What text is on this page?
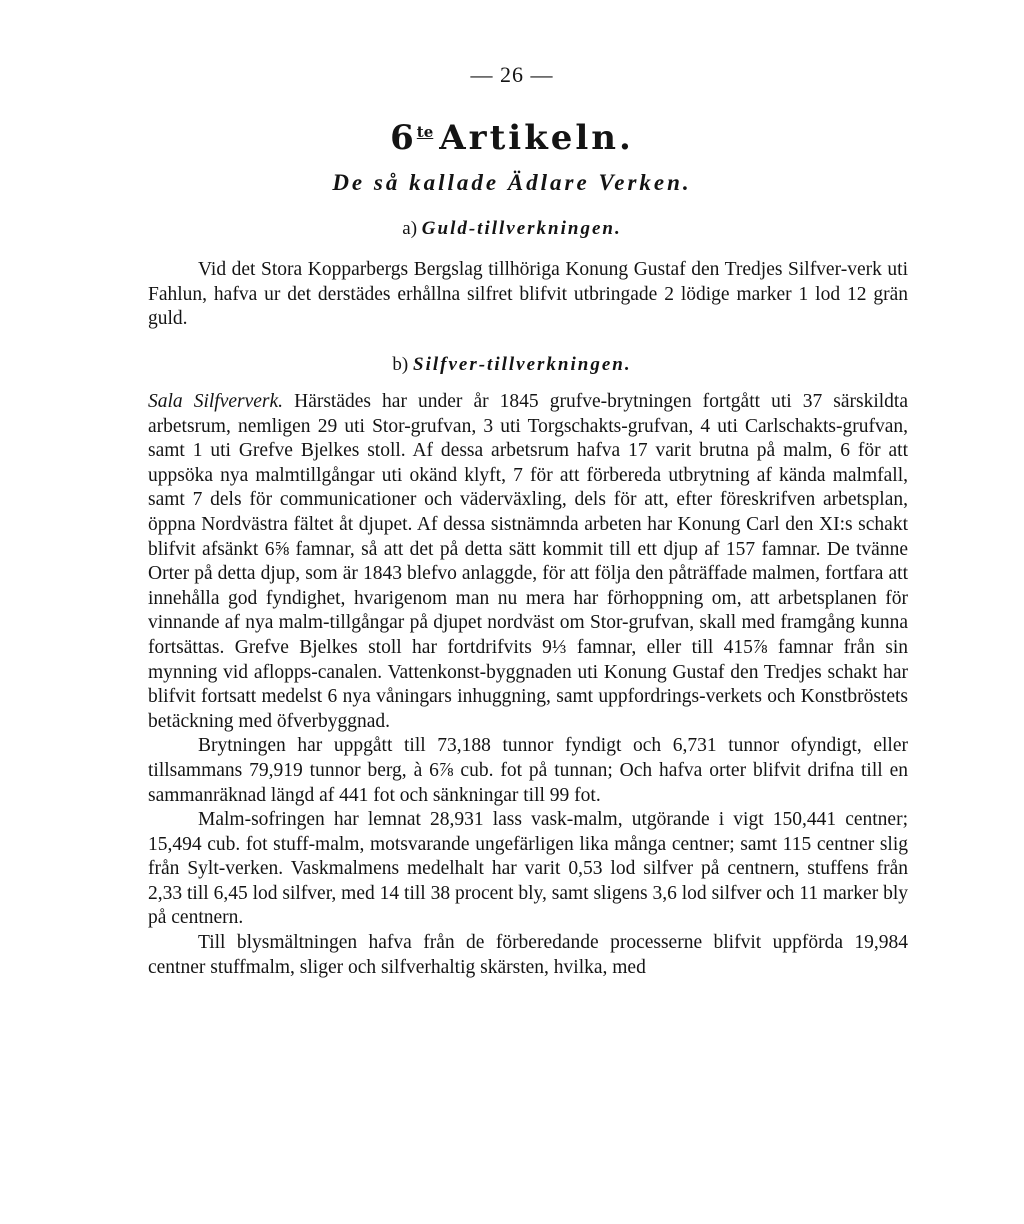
— 26 —
$6^{te}$ Artikeln.
De så kallade Ädlare Verken.
a) Guld-tillverkningen.

Vid det Stora Kopparbergs Bergslag tillhöriga Konung Gustaf den Tredjes Silfver-verk uti Fahlun, hafva ur det derstädes erhållna silfret blifvit utbringade 2 lödige marker 1 lod 12 grän guld.

b) Silfver-tillverkningen.

Sala Silfververk. Härstädes har under år 1845 grufve-brytningen fortgått uti 37 särskildta arbetsrum, nemligen 29 uti Stor-grufvan, 3 uti Torgschakts-grufvan, 4 uti Carlschakts-grufvan, samt 1 uti Grefve Bjelkes stoll. Af dessa arbetsrum hafva 17 varit brutna på malm, 6 för att uppsöka nya malmtillgångar uti okänd klyft, 7 för att förbereda utbrytning af kända malmfall, samt 7 dels för communicationer och väderväxling, dels för att, efter föreskrifven arbetsplan, öppna Nordvästra fältet åt djupet. Af dessa sistnämnda arbeten har Konung Carl den XI:s schakt blifvit afsänkt 6⅝ famnar, så att det på detta sätt kommit till ett djup af 157 famnar. De tvänne Orter på detta djup, som är 1843 blefvo anlaggde, för att följa den påträffade malmen, fortfara att innehålla god fyndighet, hvarigenom man nu mera har förhoppning om, att arbetsplanen för vinnande af nya malm-tillgångar på djupet nordväst om Stor-grufvan, skall med framgång kunna fortsättas. Grefve Bjelkes stoll har fortdrifvits 9⅓ famnar, eller till 415⅞ famnar från sin mynning vid aflopps-canalen. Vattenkonst-byggnaden uti Konung Gustaf den Tredjes schakt har blifvit fortsatt medelst 6 nya våningars inhuggning, samt uppfordrings-verkets och Konstbröstets betäckning med öfverbyggnad.

Brytningen har uppgått till 73,188 tunnor fyndigt och 6,731 tunnor ofyndigt, eller tillsammans 79,919 tunnor berg, à 6⅞ cub. fot på tunnan; Och hafva orter blifvit drifna till en sammanräknad längd af 441 fot och sänkningar till 99 fot.

Malm-sofringen har lemnat 28,931 lass vask-malm, utgörande i vigt 150,441 centner; 15,494 cub. fot stuff-malm, motsvarande ungefärligen lika många centner; samt 115 centner slig från Sylt-verken. Vaskmalmens medelhalt har varit 0,53 lod silfver på centnern, stuffens från 2,33 till 6,45 lod silfver, med 14 till 38 procent bly, samt sligens 3,6 lod silfver och 11 marker bly på centnern.

Till blysmältningen hafva från de förberedande processerne blifvit uppförda 19,984 centner stuffmalm, sliger och silfverhaltig skärsten, hvilka, med
